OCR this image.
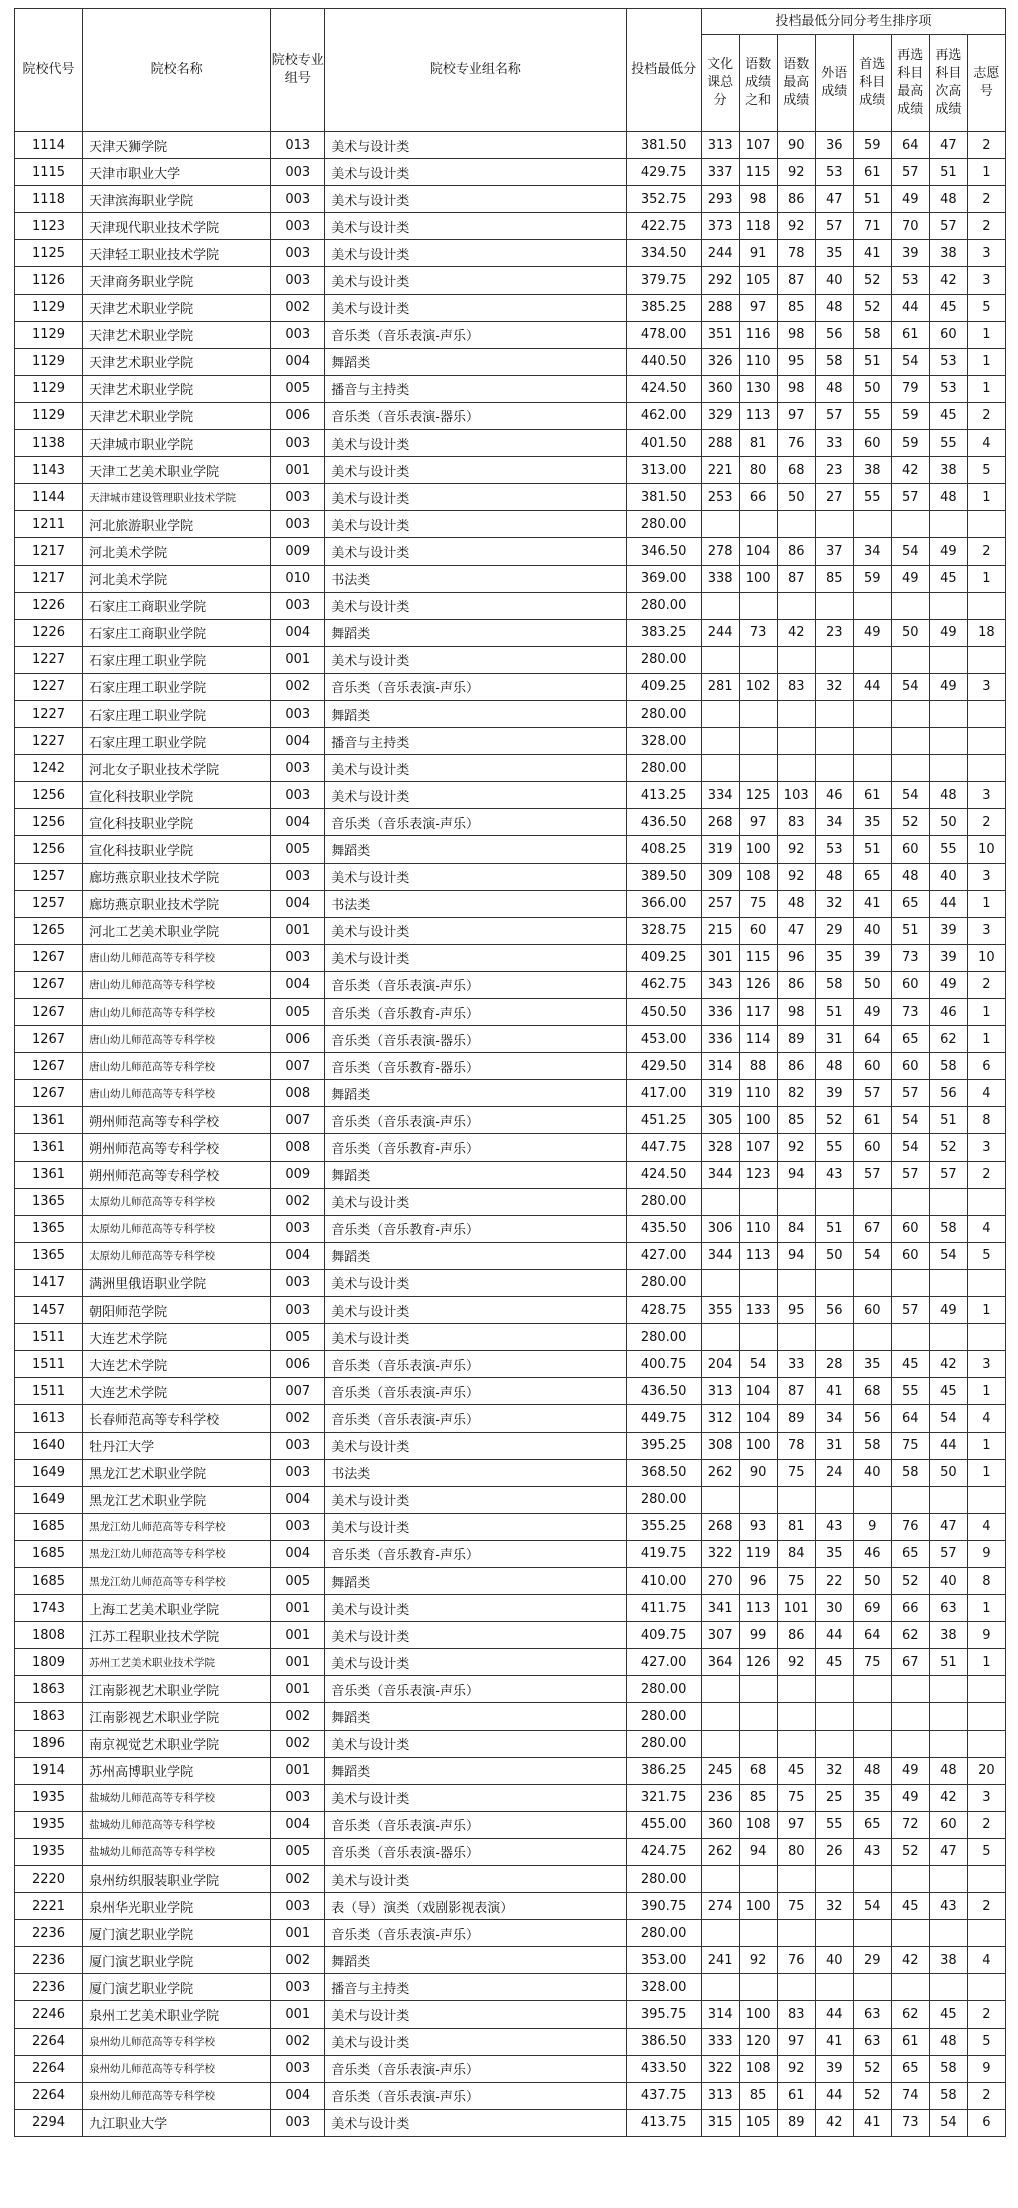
院校代号	院校名称	院校专业组号	院校专业组名称	投档最低分	投档最低分同分考生排序项							
					文化课总分	语数成绩之和	语数最高成绩	外语成绩	首选科目成绩	再选科目最高成绩	再选科目次高成绩	志愿号
1114	天津天狮学院	013	美术与设计类	381.50	313	107	90	36	59	64	47	2
1115	天津市职业大学	003	美术与设计类	429.75	337	115	92	53	61	57	51	1
1118	天津滨海职业学院	003	美术与设计类	352.75	293	98	86	47	51	49	48	2
1123	天津现代职业技术学院	003	美术与设计类	422.75	373	118	92	57	71	70	57	2
1125	天津轻工职业技术学院	003	美术与设计类	334.50	244	91	78	35	41	39	38	3
1126	天津商务职业学院	003	美术与设计类	379.75	292	105	87	40	52	53	42	3
1129	天津艺术职业学院	002	美术与设计类	385.25	288	97	85	48	52	44	45	5
1129	天津艺术职业学院	003	音乐类（音乐表演-声乐）	478.00	351	116	98	56	58	61	60	1
1129	天津艺术职业学院	004	舞蹈类	440.50	326	110	95	58	51	54	53	1
1129	天津艺术职业学院	005	播音与主持类	424.50	360	130	98	48	50	79	53	1
1129	天津艺术职业学院	006	音乐类（音乐表演-器乐）	462.00	329	113	97	57	55	59	45	2
1138	天津城市职业学院	003	美术与设计类	401.50	288	81	76	33	60	59	55	4
1143	天津工艺美术职业学院	001	美术与设计类	313.00	221	80	68	23	38	42	38	5
1144	天津城市建设管理职业技术学院	003	美术与设计类	381.50	253	66	50	27	55	57	48	1
1211	河北旅游职业学院	003	美术与设计类	280.00								
1217	河北美术学院	009	美术与设计类	346.50	278	104	86	37	34	54	49	2
1217	河北美术学院	010	书法类	369.00	338	100	87	85	59	49	45	1
1226	石家庄工商职业学院	003	美术与设计类	280.00								
1226	石家庄工商职业学院	004	舞蹈类	383.25	244	73	42	23	49	50	49	18
1227	石家庄理工职业学院	001	美术与设计类	280.00								
1227	石家庄理工职业学院	002	音乐类（音乐表演-声乐）	409.25	281	102	83	32	44	54	49	3
1227	石家庄理工职业学院	003	舞蹈类	280.00								
1227	石家庄理工职业学院	004	播音与主持类	328.00								
1242	河北女子职业技术学院	003	美术与设计类	280.00								
1256	宣化科技职业学院	003	美术与设计类	413.25	334	125	103	46	61	54	48	3
1256	宣化科技职业学院	004	音乐类（音乐表演-声乐）	436.50	268	97	83	34	35	52	50	2
1256	宣化科技职业学院	005	舞蹈类	408.25	319	100	92	53	51	60	55	10
1257	廊坊燕京职业技术学院	003	美术与设计类	389.50	309	108	92	48	65	48	40	3
1257	廊坊燕京职业技术学院	004	书法类	366.00	257	75	48	32	41	65	44	1
1265	河北工艺美术职业学院	001	美术与设计类	328.75	215	60	47	29	40	51	39	3
1267	唐山幼儿师范高等专科学校	003	美术与设计类	409.25	301	115	96	35	39	73	39	10
1267	唐山幼儿师范高等专科学校	004	音乐类（音乐表演-声乐）	462.75	343	126	86	58	50	60	49	2
1267	唐山幼儿师范高等专科学校	005	音乐类（音乐教育-声乐）	450.50	336	117	98	51	49	73	46	1
1267	唐山幼儿师范高等专科学校	006	音乐类（音乐表演-器乐）	453.00	336	114	89	31	64	65	62	1
1267	唐山幼儿师范高等专科学校	007	音乐类（音乐教育-器乐）	429.50	314	88	86	48	60	60	58	6
1267	唐山幼儿师范高等专科学校	008	舞蹈类	417.00	319	110	82	39	57	57	56	4
1361	朔州师范高等专科学校	007	音乐类（音乐表演-声乐）	451.25	305	100	85	52	61	54	51	8
1361	朔州师范高等专科学校	008	音乐类（音乐教育-声乐）	447.75	328	107	92	55	60	54	52	3
1361	朔州师范高等专科学校	009	舞蹈类	424.50	344	123	94	43	57	57	57	2
1365	太原幼儿师范高等专科学校	002	美术与设计类	280.00								
1365	太原幼儿师范高等专科学校	003	音乐类（音乐教育-声乐）	435.50	306	110	84	51	67	60	58	4
1365	太原幼儿师范高等专科学校	004	舞蹈类	427.00	344	113	94	50	54	60	54	5
1417	满洲里俄语职业学院	003	美术与设计类	280.00								
1457	朝阳师范学院	003	美术与设计类	428.75	355	133	95	56	60	57	49	1
1511	大连艺术学院	005	美术与设计类	280.00								
1511	大连艺术学院	006	音乐类（音乐表演-声乐）	400.75	204	54	33	28	35	45	42	3
1511	大连艺术学院	007	音乐类（音乐表演-声乐）	436.50	313	104	87	41	68	55	45	1
1613	长春师范高等专科学校	002	音乐类（音乐表演-声乐）	449.75	312	104	89	34	56	64	54	4
1640	牡丹江大学	003	美术与设计类	395.25	308	100	78	31	58	75	44	1
1649	黑龙江艺术职业学院	003	书法类	368.50	262	90	75	24	40	58	50	1
1649	黑龙江艺术职业学院	004	美术与设计类	280.00								
1685	黑龙江幼儿师范高等专科学校	003	美术与设计类	355.25	268	93	81	43	9	76	47	4
1685	黑龙江幼儿师范高等专科学校	004	音乐类（音乐教育-声乐）	419.75	322	119	84	35	46	65	57	9
1685	黑龙江幼儿师范高等专科学校	005	舞蹈类	410.00	270	96	75	22	50	52	40	8
1743	上海工艺美术职业学院	001	美术与设计类	411.75	341	113	101	30	69	66	63	1
1808	江苏工程职业技术学院	001	美术与设计类	409.75	307	99	86	44	64	62	38	9
1809	苏州工艺美术职业技术学院	001	美术与设计类	427.00	364	126	92	45	75	67	51	1
1863	江南影视艺术职业学院	001	音乐类（音乐表演-声乐）	280.00								
1863	江南影视艺术职业学院	002	舞蹈类	280.00								
1896	南京视觉艺术职业学院	002	美术与设计类	280.00								
1914	苏州高博职业学院	001	舞蹈类	386.25	245	68	45	32	48	49	48	20
1935	盐城幼儿师范高等专科学校	003	美术与设计类	321.75	236	85	75	25	35	49	42	3
1935	盐城幼儿师范高等专科学校	004	音乐类（音乐表演-声乐）	455.00	360	108	97	55	65	72	60	2
1935	盐城幼儿师范高等专科学校	005	音乐类（音乐表演-器乐）	424.75	262	94	80	26	43	52	47	5
2220	泉州纺织服装职业学院	002	美术与设计类	280.00								
2221	泉州华光职业学院	003	表（导）演类（戏剧影视表演）	390.75	274	100	75	32	54	45	43	2
2236	厦门演艺职业学院	001	音乐类（音乐表演-声乐）	280.00								
2236	厦门演艺职业学院	002	舞蹈类	353.00	241	92	76	40	29	42	38	4
2236	厦门演艺职业学院	003	播音与主持类	328.00								
2246	泉州工艺美术职业学院	001	美术与设计类	395.75	314	100	83	44	63	62	45	2
2264	泉州幼儿师范高等专科学校	002	美术与设计类	386.50	333	120	97	41	63	61	48	5
2264	泉州幼儿师范高等专科学校	003	音乐类（音乐表演-声乐）	433.50	322	108	92	39	52	65	58	9
2264	泉州幼儿师范高等专科学校	004	音乐类（音乐表演-声乐）	437.75	313	85	61	44	52	74	58	2
2294	九江职业大学	003	美术与设计类	413.75	315	105	89	42	41	73	54	6
